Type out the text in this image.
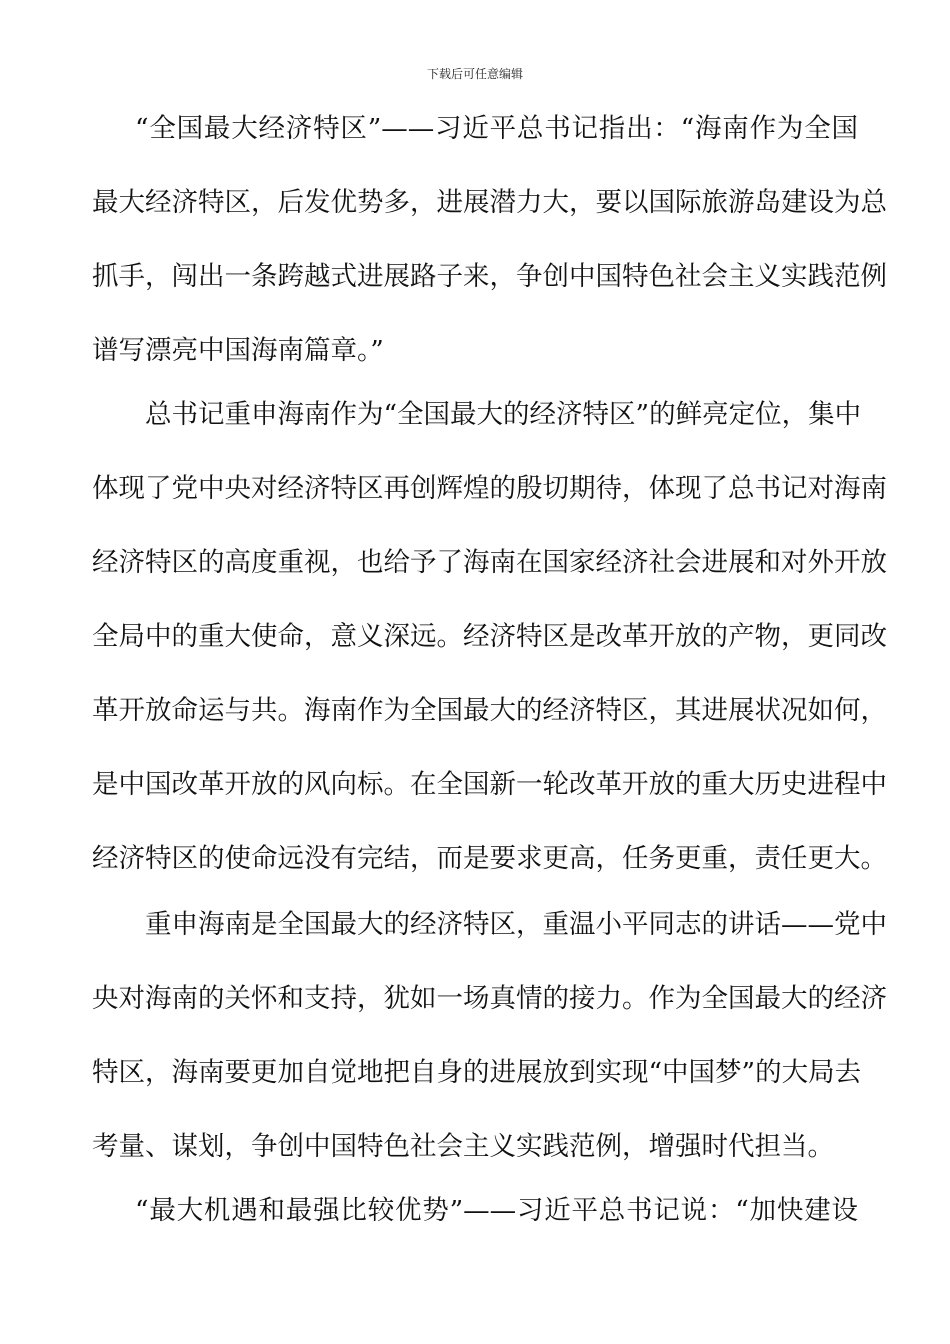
下载后可任意编辑
“全国最大经济特区”——习近平总书记指出：“海南作为全国
最大经济特区，后发优势多，进展潜力大，要以国际旅游岛建设为总
抓手，闯出一条跨越式进展路子来，争创中国特色社会主义实践范例
谱写漂亮中国海南篇章。”
总书记重申海南作为“全国最大的经济特区”的鲜亮定位，集中
体现了党中央对经济特区再创辉煌的殷切期待，体现了总书记对海南
经济特区的高度重视，也给予了海南在国家经济社会进展和对外开放
全局中的重大使命，意义深远。经济特区是改革开放的产物，更同改
革开放命运与共。海南作为全国最大的经济特区，其进展状况如何，
是中国改革开放的风向标。在全国新一轮改革开放的重大历史进程中
经济特区的使命远没有完结，而是要求更高，任务更重，责任更大。
重申海南是全国最大的经济特区，重温小平同志的讲话——党中
央对海南的关怀和支持，犹如一场真情的接力。作为全国最大的经济
特区，海南要更加自觉地把自身的进展放到实现“中国梦”的大局去
考量、谋划，争创中国特色社会主义实践范例，增强时代担当。
“最大机遇和最强比较优势”——习近平总书记说：“加快建设
